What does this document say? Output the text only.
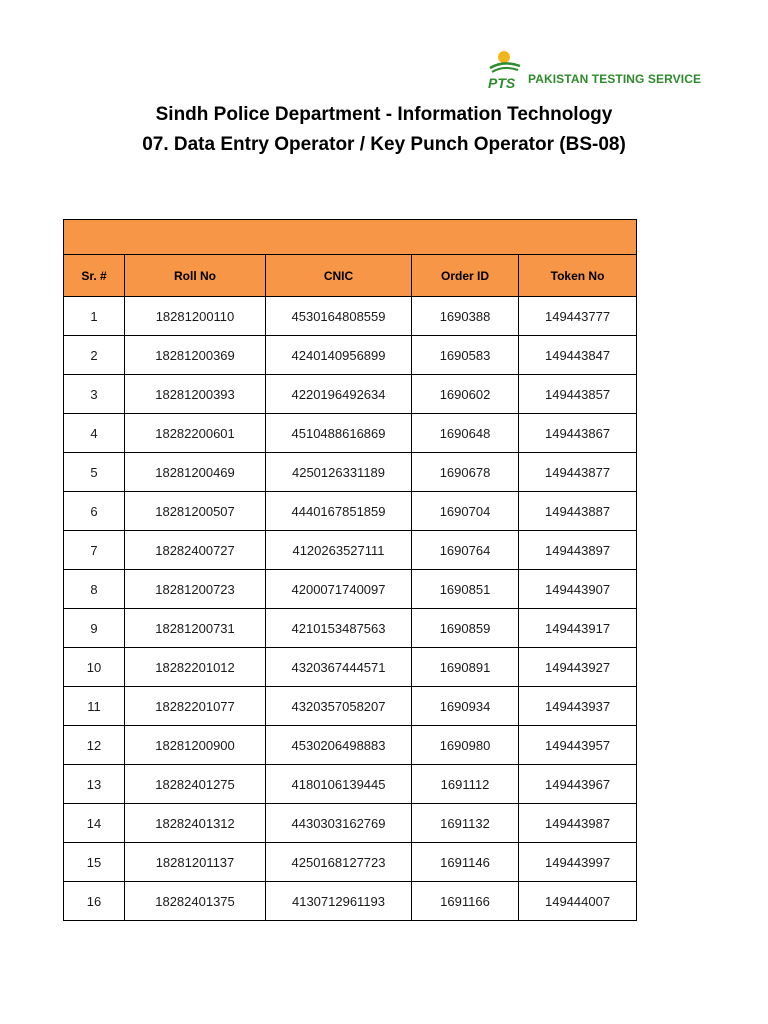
PTS PAKISTAN TESTING SERVICE
Sindh Police Department - Information Technology
07. Data Entry Operator / Key Punch Operator (BS-08)

Sr. #	Roll No	CNIC	Order ID	Token No
1	18281200110	4530164808559	1690388	149443777
2	18281200369	4240140956899	1690583	149443847
3	18281200393	4220196492634	1690602	149443857
4	18282200601	4510488616869	1690648	149443867
5	18281200469	4250126331189	1690678	149443877
6	18281200507	4440167851859	1690704	149443887
7	18282400727	4120263527111	1690764	149443897
8	18281200723	4200071740097	1690851	149443907
9	18281200731	4210153487563	1690859	149443917
10	18282201012	4320367444571	1690891	149443927
11	18282201077	4320357058207	1690934	149443937
12	18281200900	4530206498883	1690980	149443957
13	18282401275	4180106139445	1691112	149443967
14	18282401312	4430303162769	1691132	149443987
15	18281201137	4250168127723	1691146	149443997
16	18282401375	4130712961193	1691166	149444007
